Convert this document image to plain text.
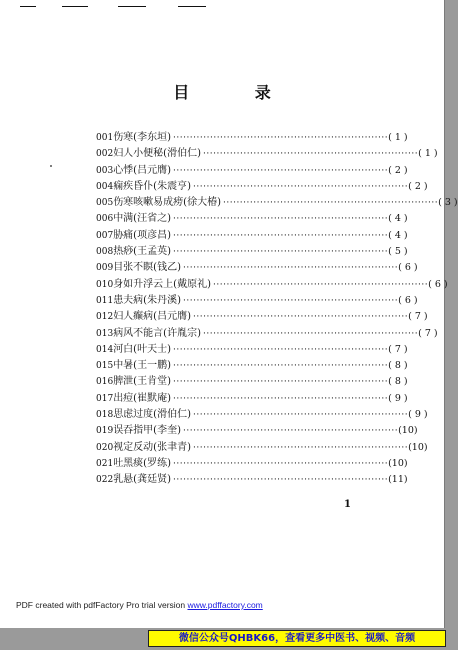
目 录
001 伤寒(李东垣) ································································ ( 1 )
002 妇人小便秘(滑伯仁) ································································ ( 1 )
003 心悸(吕元膺) ································································ ( 2 )
004 痫疾昏仆(朱震亨) ································································ ( 2 )
005 伤寒咳嗽易成痨(徐大椿) ································································ ( 3 )
006 中满(汪省之) ································································ ( 4 )
007 胁痛(项彦昌) ································································ ( 4 )
008 热痧(王孟英) ································································ ( 5 )
009 目张不瞑(钱乙) ································································ ( 6 )
010 身如升浮云上(戴原礼) ································································ ( 6 )
011 患夫病(朱丹溪) ································································ ( 6 )
012 妇人癫病(吕元膺) ································································ ( 7 )
013 病风不能言(许胤宗) ································································ ( 7 )
014 河白(叶天士) ································································ ( 7 )
015 中暑(王一鹏) ································································ ( 8 )
016 脾泄(王肯堂) ································································ ( 8 )
017 出痘(崔默庵) ································································ ( 9 )
018 思虑过度(滑伯仁) ································································ ( 9 )
019 误吞指甲(李奎) ································································ (10)
020 视定反动(张聿青) ································································ (10)
021 吐黑痰(罗练) ································································ (10)
022 乳悬(龚廷贤) ································································ (11)
1
PDF created with pdfFactory Pro trial version www.pdffactory.com
微信公众号QHBK66，查看更多中医书、视频、音频
